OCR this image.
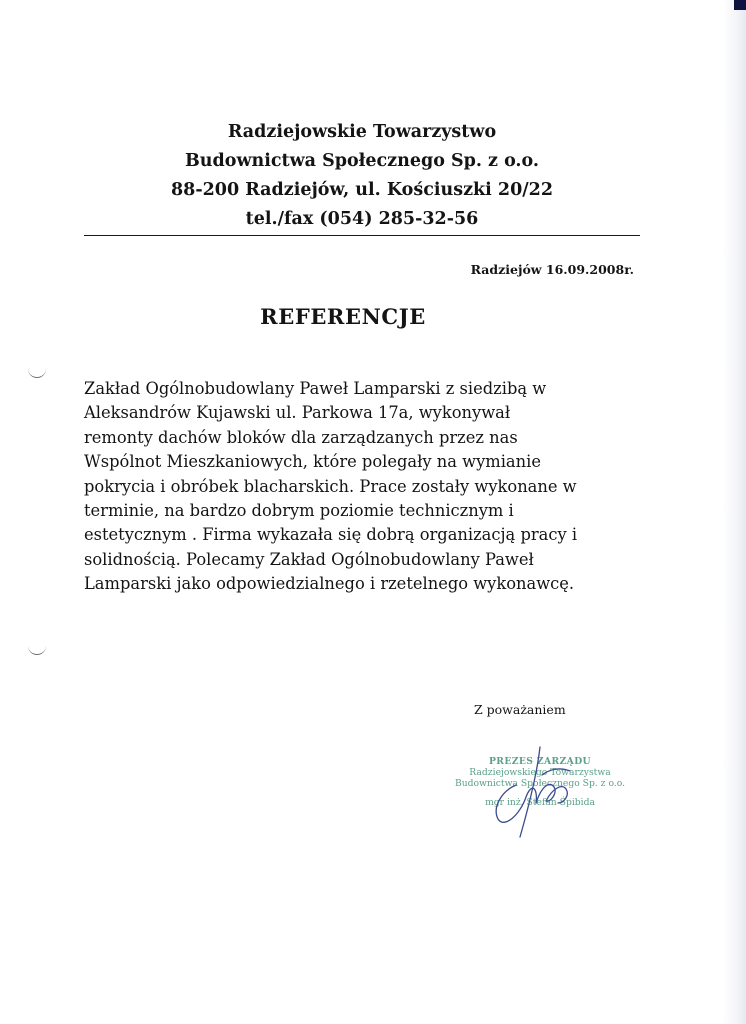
Radziejowskie Towarzystwo
Budownictwa Społecznego Sp. z o.o.
88-200 Radziejów, ul. Kościuszki 20/22
tel./fax (054) 285-32-56
Radziejów 16.09.2008r.
REFERENCJE
Zakład Ogólnobudowlany Paweł Lamparski z siedzibą w
Aleksandrów Kujawski ul. Parkowa 17a, wykonywał
remonty dachów bloków dla zarządzanych przez nas
Wspólnot Mieszkaniowych, które polegały na wymianie
pokrycia i obróbek blacharskich. Prace zostały wykonane w
terminie, na bardzo dobrym poziomie technicznym i
estetycznym . Firma wykazała się dobrą organizacją pracy i
solidnością. Polecamy Zakład Ogólnobudowlany Paweł
Lamparski jako odpowiedzialnego i rzetelnego wykonawcę.
Z poważaniem
PREZES ZARZĄDU
Radziejowskiego Towarzystwa
Budownictwa Społecznego Sp. z o.o.
mgr inż. Stefan Śpibida
